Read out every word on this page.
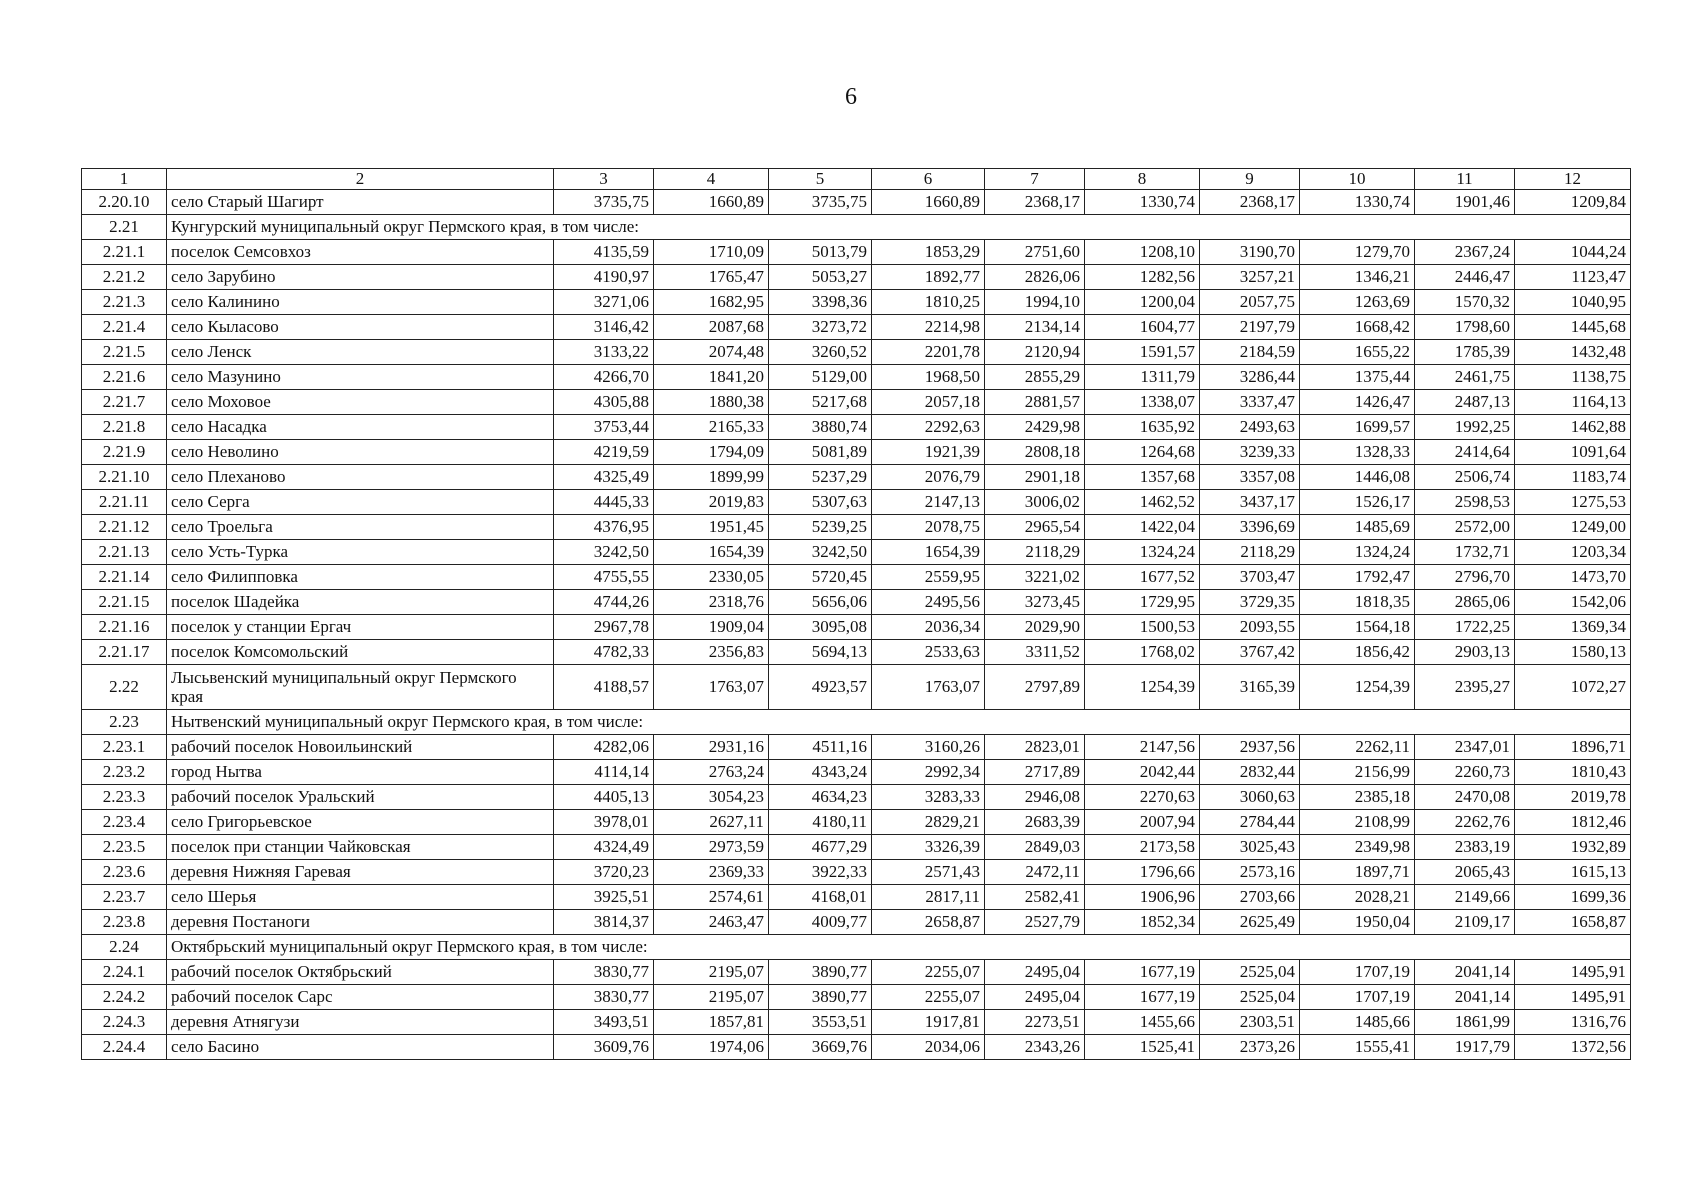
6
1	2	3	4	5	6	7	8	9	10	11	12
2.20.10	село Старый Шагирт	3735,75	1660,89	3735,75	1660,89	2368,17	1330,74	2368,17	1330,74	1901,46	1209,84
2.21	Кунгурский муниципальный округ Пермского края, в том числе:										
2.21.1	поселок Семсовхоз	4135,59	1710,09	5013,79	1853,29	2751,60	1208,10	3190,70	1279,70	2367,24	1044,24
2.21.2	село Зарубино	4190,97	1765,47	5053,27	1892,77	2826,06	1282,56	3257,21	1346,21	2446,47	1123,47
2.21.3	село Калинино	3271,06	1682,95	3398,36	1810,25	1994,10	1200,04	2057,75	1263,69	1570,32	1040,95
2.21.4	село Кыласово	3146,42	2087,68	3273,72	2214,98	2134,14	1604,77	2197,79	1668,42	1798,60	1445,68
2.21.5	село Ленск	3133,22	2074,48	3260,52	2201,78	2120,94	1591,57	2184,59	1655,22	1785,39	1432,48
2.21.6	село Мазунино	4266,70	1841,20	5129,00	1968,50	2855,29	1311,79	3286,44	1375,44	2461,75	1138,75
2.21.7	село Моховое	4305,88	1880,38	5217,68	2057,18	2881,57	1338,07	3337,47	1426,47	2487,13	1164,13
2.21.8	село Насадка	3753,44	2165,33	3880,74	2292,63	2429,98	1635,92	2493,63	1699,57	1992,25	1462,88
2.21.9	село Неволино	4219,59	1794,09	5081,89	1921,39	2808,18	1264,68	3239,33	1328,33	2414,64	1091,64
2.21.10	село Плеханово	4325,49	1899,99	5237,29	2076,79	2901,18	1357,68	3357,08	1446,08	2506,74	1183,74
2.21.11	село Серга	4445,33	2019,83	5307,63	2147,13	3006,02	1462,52	3437,17	1526,17	2598,53	1275,53
2.21.12	село Троельга	4376,95	1951,45	5239,25	2078,75	2965,54	1422,04	3396,69	1485,69	2572,00	1249,00
2.21.13	село Усть-Турка	3242,50	1654,39	3242,50	1654,39	2118,29	1324,24	2118,29	1324,24	1732,71	1203,34
2.21.14	село Филипповка	4755,55	2330,05	5720,45	2559,95	3221,02	1677,52	3703,47	1792,47	2796,70	1473,70
2.21.15	поселок Шадейка	4744,26	2318,76	5656,06	2495,56	3273,45	1729,95	3729,35	1818,35	2865,06	1542,06
2.21.16	поселок у станции Ергач	2967,78	1909,04	3095,08	2036,34	2029,90	1500,53	2093,55	1564,18	1722,25	1369,34
2.21.17	поселок Комсомольский	4782,33	2356,83	5694,13	2533,63	3311,52	1768,02	3767,42	1856,42	2903,13	1580,13
2.22	Лысьвенский муниципальный округ Пермского края	4188,57	1763,07	4923,57	1763,07	2797,89	1254,39	3165,39	1254,39	2395,27	1072,27
2.23	Нытвенский муниципальный округ Пермского края, в том числе:										
2.23.1	рабочий поселок Новоильинский	4282,06	2931,16	4511,16	3160,26	2823,01	2147,56	2937,56	2262,11	2347,01	1896,71
2.23.2	город Нытва	4114,14	2763,24	4343,24	2992,34	2717,89	2042,44	2832,44	2156,99	2260,73	1810,43
2.23.3	рабочий поселок Уральский	4405,13	3054,23	4634,23	3283,33	2946,08	2270,63	3060,63	2385,18	2470,08	2019,78
2.23.4	село Григорьевское	3978,01	2627,11	4180,11	2829,21	2683,39	2007,94	2784,44	2108,99	2262,76	1812,46
2.23.5	поселок при станции Чайковская	4324,49	2973,59	4677,29	3326,39	2849,03	2173,58	3025,43	2349,98	2383,19	1932,89
2.23.6	деревня Нижняя Гаревая	3720,23	2369,33	3922,33	2571,43	2472,11	1796,66	2573,16	1897,71	2065,43	1615,13
2.23.7	село Шерья	3925,51	2574,61	4168,01	2817,11	2582,41	1906,96	2703,66	2028,21	2149,66	1699,36
2.23.8	деревня Постаноги	3814,37	2463,47	4009,77	2658,87	2527,79	1852,34	2625,49	1950,04	2109,17	1658,87
2.24	Октябрьский муниципальный округ Пермского края, в том числе:										
2.24.1	рабочий поселок Октябрьский	3830,77	2195,07	3890,77	2255,07	2495,04	1677,19	2525,04	1707,19	2041,14	1495,91
2.24.2	рабочий поселок Сарс	3830,77	2195,07	3890,77	2255,07	2495,04	1677,19	2525,04	1707,19	2041,14	1495,91
2.24.3	деревня Атнягузи	3493,51	1857,81	3553,51	1917,81	2273,51	1455,66	2303,51	1485,66	1861,99	1316,76
2.24.4	село Басино	3609,76	1974,06	3669,76	2034,06	2343,26	1525,41	2373,26	1555,41	1917,79	1372,56
